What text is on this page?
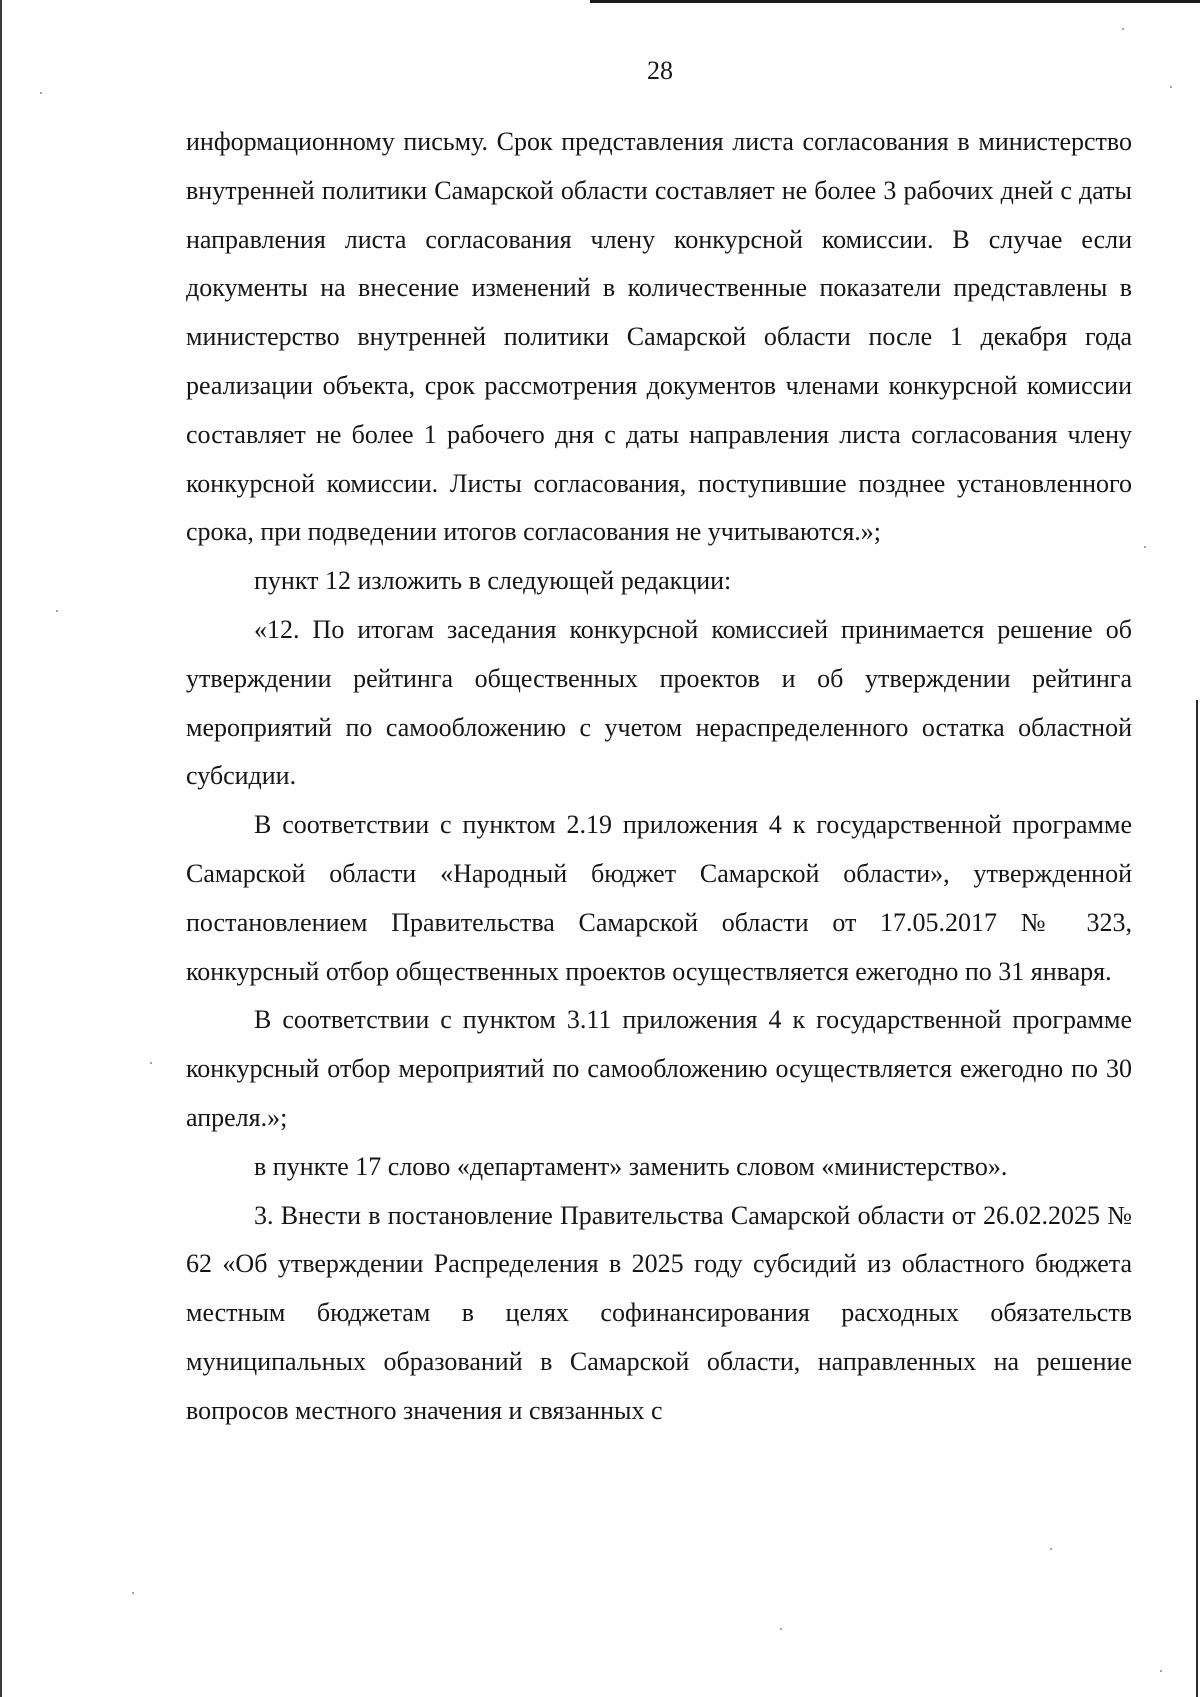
28

информационному письму. Срок представления листа согласования в министерство внутренней политики Самарской области составляет не более 3 рабочих дней с даты направления листа согласования члену конкурсной комиссии. В случае если документы на внесение изменений в количественные показатели представлены в министерство внутренней политики Самарской области после 1 декабря года реализации объекта, срок рассмотрения документов членами конкурсной комиссии составляет не более 1 рабочего дня с даты направления листа согласования члену конкурсной комиссии. Листы согласования, поступившие позднее установленного срока, при подведении итогов согласования не учитываются.»;

пункт 12 изложить в следующей редакции:

«12. По итогам заседания конкурсной комиссией принимается решение об утверждении рейтинга общественных проектов и об утверждении рейтинга мероприятий по самообложению с учетом нераспределенного остатка областной субсидии.

В соответствии с пунктом 2.19 приложения 4 к государственной программе Самарской области «Народный бюджет Самарской области», утвержденной постановлением Правительства Самарской области от 17.05.2017 № 323, конкурсный отбор общественных проектов осуществляется ежегодно по 31 января.

В соответствии с пунктом 3.11 приложения 4 к государственной программе конкурсный отбор мероприятий по самообложению осуществляется ежегодно по 30 апреля.»;

в пункте 17 слово «департамент» заменить словом «министерство».

3. Внести в постановление Правительства Самарской области от 26.02.2025 № 62 «Об утверждении Распределения в 2025 году субсидий из областного бюджета местным бюджетам в целях софинансирования расходных обязательств муниципальных образований в Самарской области, направленных на решение вопросов местного значения и связанных с
